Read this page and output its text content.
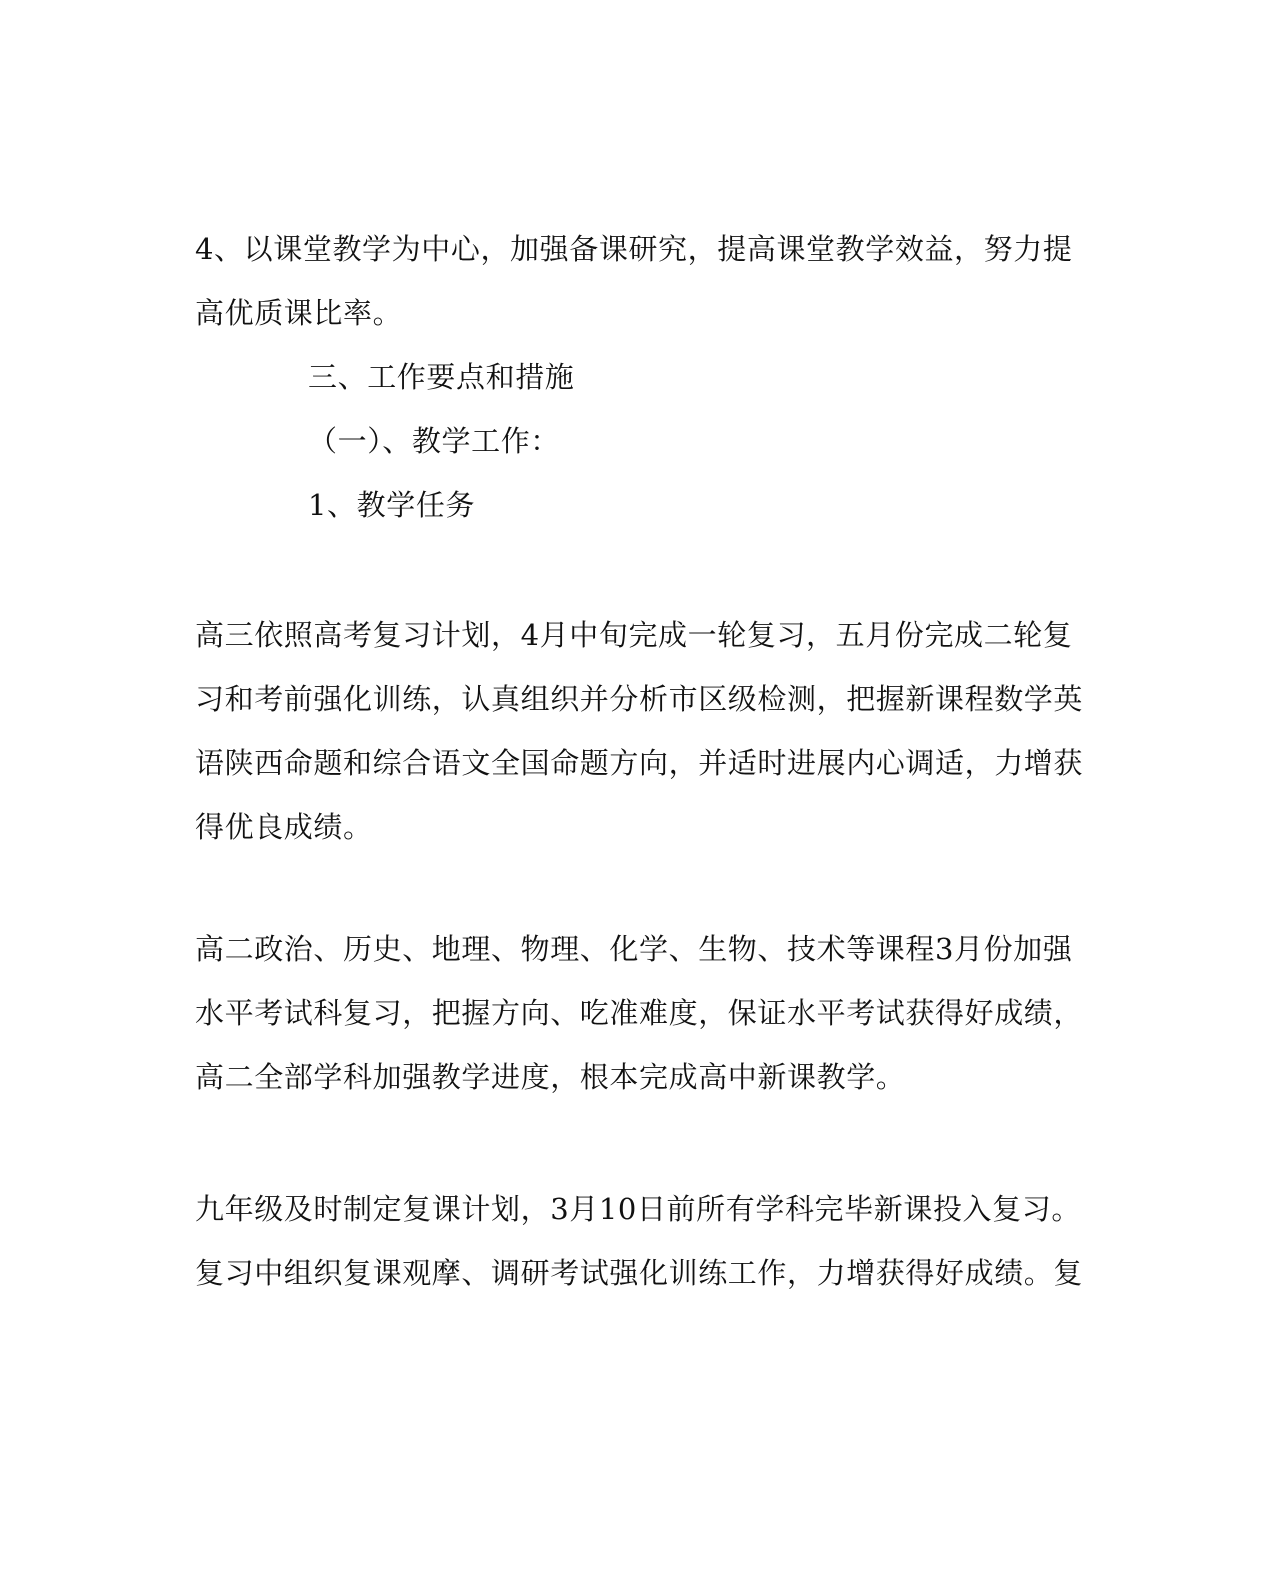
4、以课堂教学为中心，加强备课研究，提高课堂教学效益，努力提
高优质课比率。
三、工作要点和措施
（一）、教学工作：
1、教学任务
高三依照高考复习计划，4月中旬完成一轮复习，五月份完成二轮复
习和考前强化训练，认真组织并分析市区级检测，把握新课程数学英
语陕西命题和综合语文全国命题方向，并适时进展内心调适，力增获
得优良成绩。
高二政治、历史、地理、物理、化学、生物、技术等课程3月份加强
水平考试科复习，把握方向、吃准难度，保证水平考试获得好成绩，
高二全部学科加强教学进度，根本完成高中新课教学。
九年级及时制定复课计划，3月10日前所有学科完毕新课投入复习。
复习中组织复课观摩、调研考试强化训练工作，力增获得好成绩。复
